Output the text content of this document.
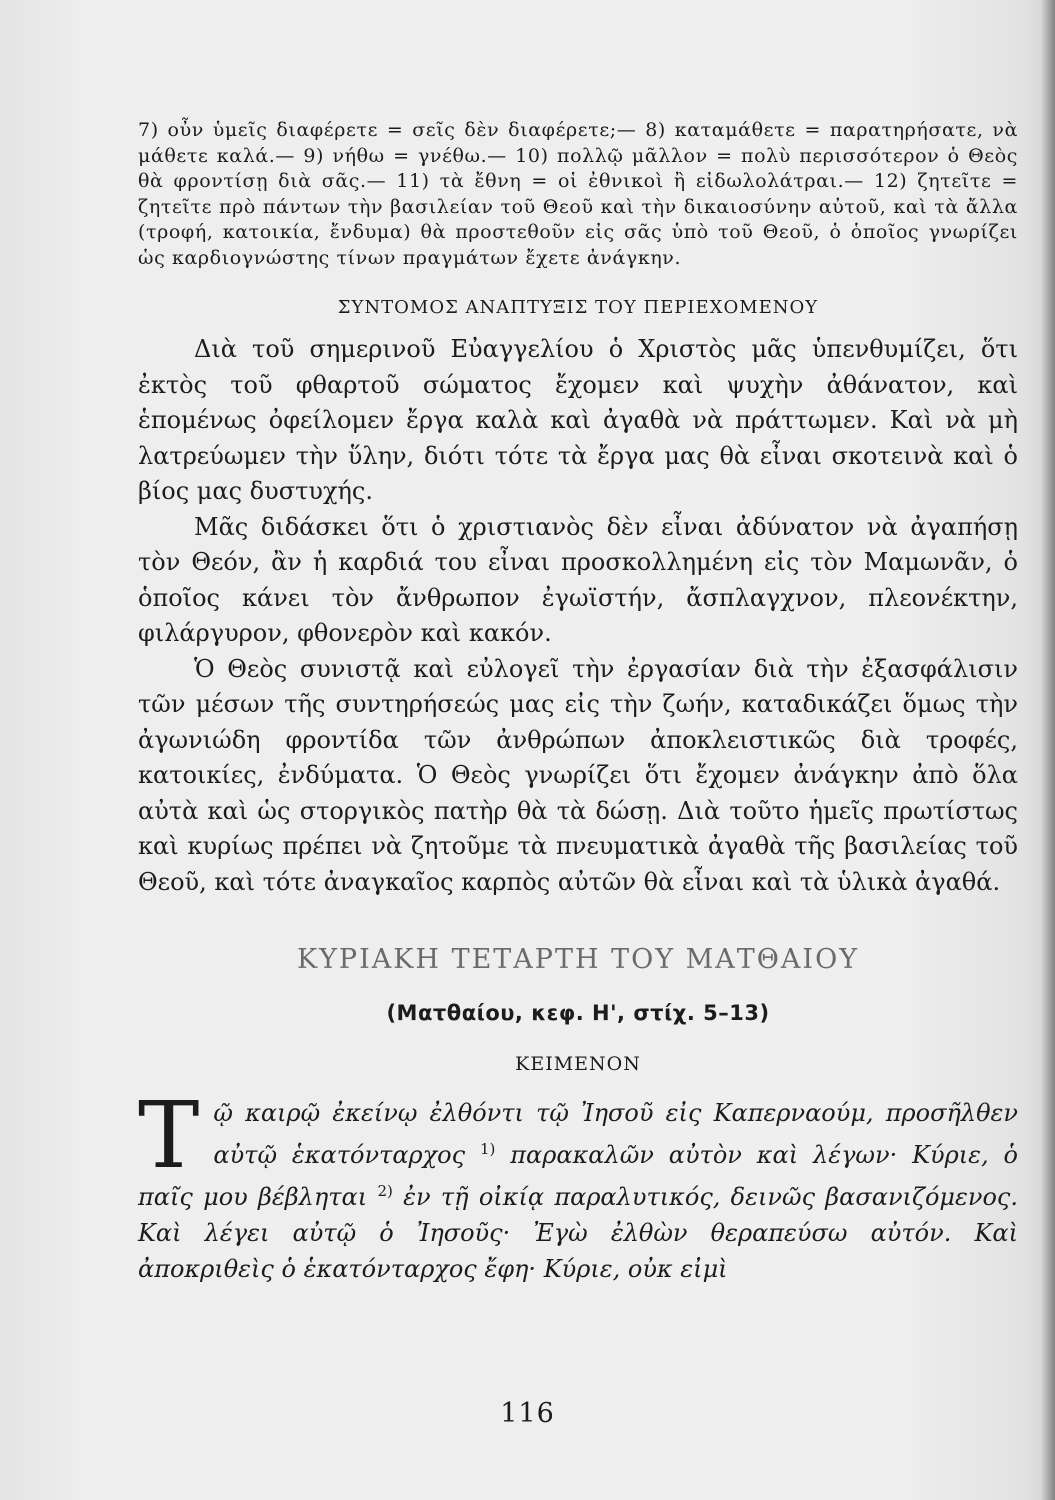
7) οὖν ὑμεῖς διαφέρετε = σεῖς δὲν διαφέρετε;— 8) καταμάθετε = παρατηρήσατε, νὰ μάθετε καλά.— 9) νήθω = γνέθω.— 10) πολλῷ μᾶλλον = πολὺ περισσότερον ὁ Θεὸς θὰ φροντίσῃ διὰ σᾶς.— 11) τὰ ἔθνη = οἱ ἐθνικοὶ ἢ εἰδωλολάτραι.— 12) ζητεῖτε = ζητεῖτε πρὸ πάντων τὴν βασιλείαν τοῦ Θεοῦ καὶ τὴν δικαιοσύνην αὐτοῦ, καὶ τὰ ἄλλα (τροφή, κατοικία, ἔνδυμα) θὰ προστεθοῦν εἰς σᾶς ὑπὸ τοῦ Θεοῦ, ὁ ὁποῖος γνωρίζει ὡς καρδιογνώστης τίνων πραγμάτων ἔχετε ἀνάγκην.

ΣΥΝΤΟΜΟΣ ΑΝΑΠΤΥΞΙΣ ΤΟΥ ΠΕΡΙΕΧΟΜΕΝΟΥ

Διὰ τοῦ σημερινοῦ Εὐαγγελίου ὁ Χριστὸς μᾶς ὑπενθυμίζει, ὅτι ἐκτὸς τοῦ φθαρτοῦ σώματος ἔχομεν καὶ ψυχὴν ἀθάνατον, καὶ ἑπομένως ὀφείλομεν ἔργα καλὰ καὶ ἀγαθὰ νὰ πράττωμεν. Καὶ νὰ μὴ λατρεύωμεν τὴν ὕλην, διότι τότε τὰ ἔργα μας θὰ εἶναι σκοτεινὰ καὶ ὁ βίος μας δυστυχής.

Μᾶς διδάσκει ὅτι ὁ χριστιανὸς δὲν εἶναι ἀδύνατον νὰ ἀγαπήσῃ τὸν Θεόν, ἂν ἡ καρδιά του εἶναι προσκολλημένη εἰς τὸν Μαμωνᾶν, ὁ ὁποῖος κάνει τὸν ἄνθρωπον ἐγωϊστήν, ἄσπλαγχνον, πλεονέκτην, φιλάργυρον, φθονερὸν καὶ κακόν.

Ὁ Θεὸς συνιστᾷ καὶ εὐλογεῖ τὴν ἐργασίαν διὰ τὴν ἐξασφάλισιν τῶν μέσων τῆς συντηρήσεώς μας εἰς τὴν ζωήν, καταδικάζει ὅμως τὴν ἀγωνιώδη φροντίδα τῶν ἀνθρώπων ἀποκλειστικῶς διὰ τροφές, κατοικίες, ἐνδύματα. Ὁ Θεὸς γνωρίζει ὅτι ἔχομεν ἀνάγκην ἀπὸ ὅλα αὐτὰ καὶ ὡς στοργικὸς πατὴρ θὰ τὰ δώσῃ. Διὰ τοῦτο ἡμεῖς πρωτίστως καὶ κυρίως πρέπει νὰ ζητοῦμε τὰ πνευματικὰ ἀγαθὰ τῆς βασιλείας τοῦ Θεοῦ, καὶ τότε ἀναγκαῖος καρπὸς αὐτῶν θὰ εἶναι καὶ τὰ ὑλικὰ ἀγαθά.

ΚΥΡΙΑΚΗ ΤΕΤΑΡΤΗ ΤΟΥ ΜΑΤΘΑΙΟΥ
(Ματθαίου, κεφ. Η', στίχ. 5–13)
ΚΕΙΜΕΝΟΝ

Τῷ καιρῷ ἐκείνῳ ἐλθόντι τῷ Ἰησοῦ εἰς Καπερναούμ, προσῆλθεν αὐτῷ ἑκατόνταρχος $^{1)}$ παρακαλῶν αὐτὸν καὶ λέγων· Κύριε, ὁ παῖς μου βέβληται $^{2)}$ ἐν τῇ οἰκίᾳ παραλυτικός, δεινῶς βασανιζόμενος. Καὶ λέγει αὐτῷ ὁ Ἰησοῦς· Ἐγὼ ἐλθὼν θεραπεύσω αὐτόν. Καὶ ἀποκριθεὶς ὁ ἑκατόνταρχος ἔφη· Κύριε, οὐκ εἰμὶ

116
